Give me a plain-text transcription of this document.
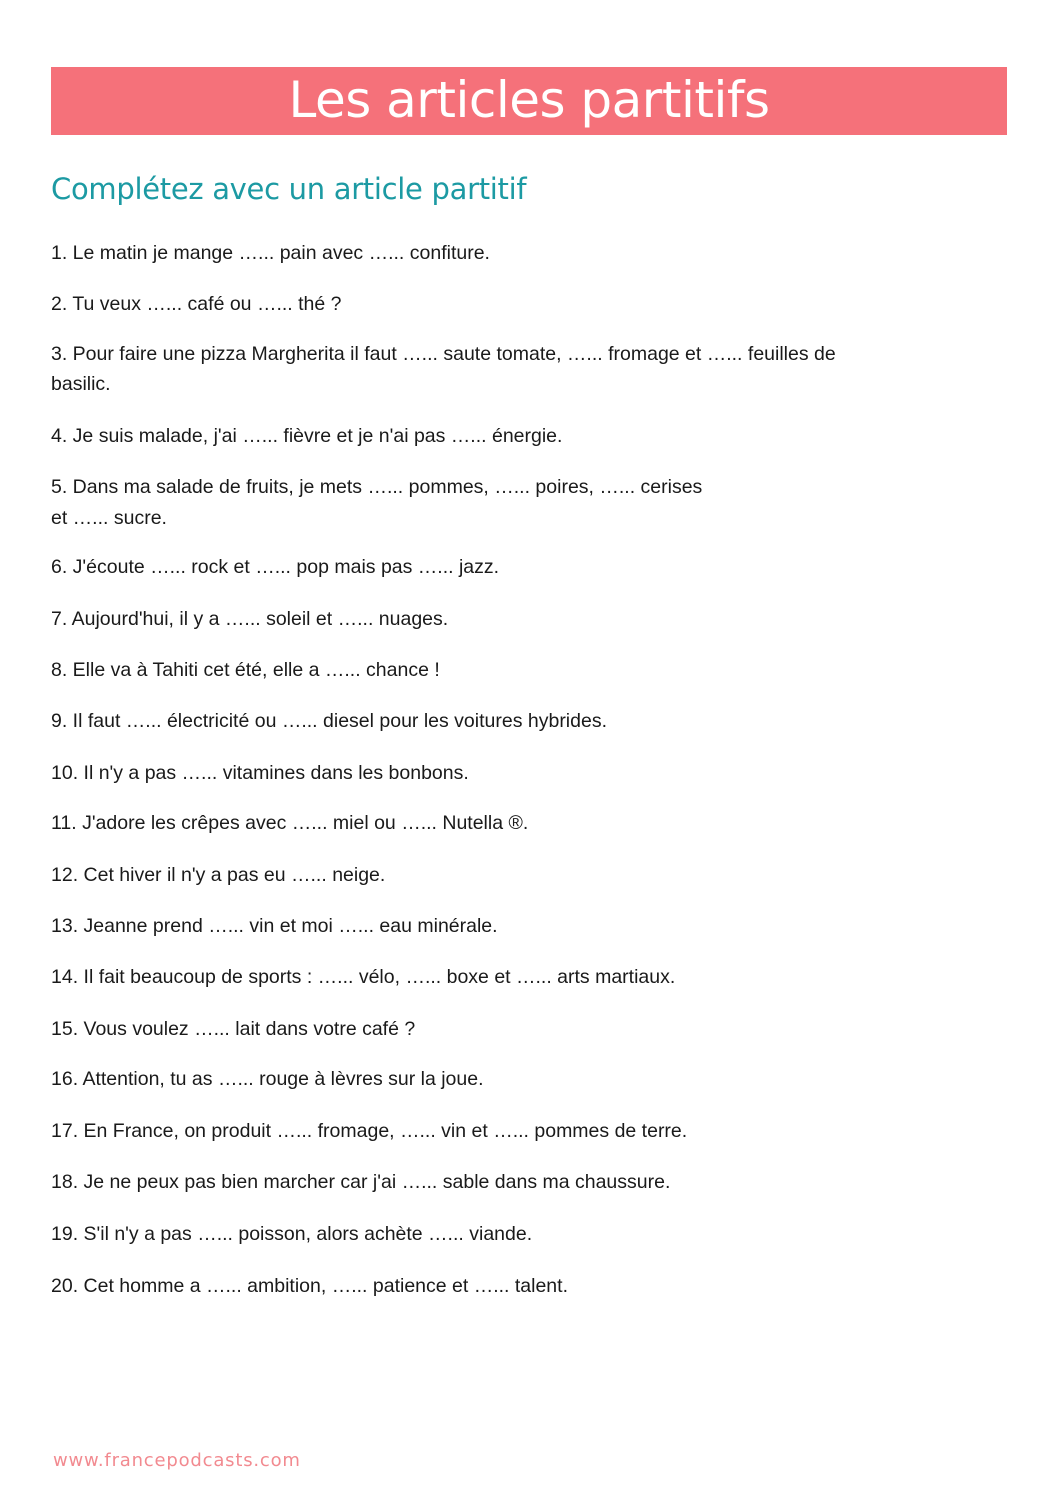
Les articles partitifs
Complétez avec un article partitif
1. Le matin je mange …... pain avec …... confiture.
2. Tu veux …... café ou …... thé ?
3. Pour faire une pizza Margherita il faut …... saute tomate, …... fromage et …... feuilles de
basilic.
4. Je suis malade, j'ai …... fièvre et je n'ai pas …... énergie.
5. Dans ma salade de fruits, je mets …... pommes, …... poires, …... cerises
et …... sucre.
6. J'écoute …... rock et …... pop mais pas …... jazz.
7. Aujourd'hui, il y a …... soleil et …... nuages.
8. Elle va à Tahiti cet été, elle a …... chance !
9. Il faut …... électricité ou …... diesel pour les voitures hybrides.
10. Il n'y a pas …... vitamines dans les bonbons.
11. J'adore les crêpes avec …... miel ou …... Nutella ®.
12. Cet hiver il n'y a pas eu …... neige.
13. Jeanne prend …... vin et moi …... eau minérale.
14. Il fait beaucoup de sports : …... vélo, …... boxe et …... arts martiaux.
15. Vous voulez …... lait dans votre café ?
16. Attention, tu as …... rouge à lèvres sur la joue.
17. En France, on produit …... fromage, …... vin et …... pommes de terre.
18. Je ne peux pas bien marcher car j'ai …... sable dans ma chaussure.
19. S'il n'y a pas …... poisson, alors achète …... viande.
20. Cet homme a …... ambition, …... patience et …... talent.
www.francepodcasts.com
